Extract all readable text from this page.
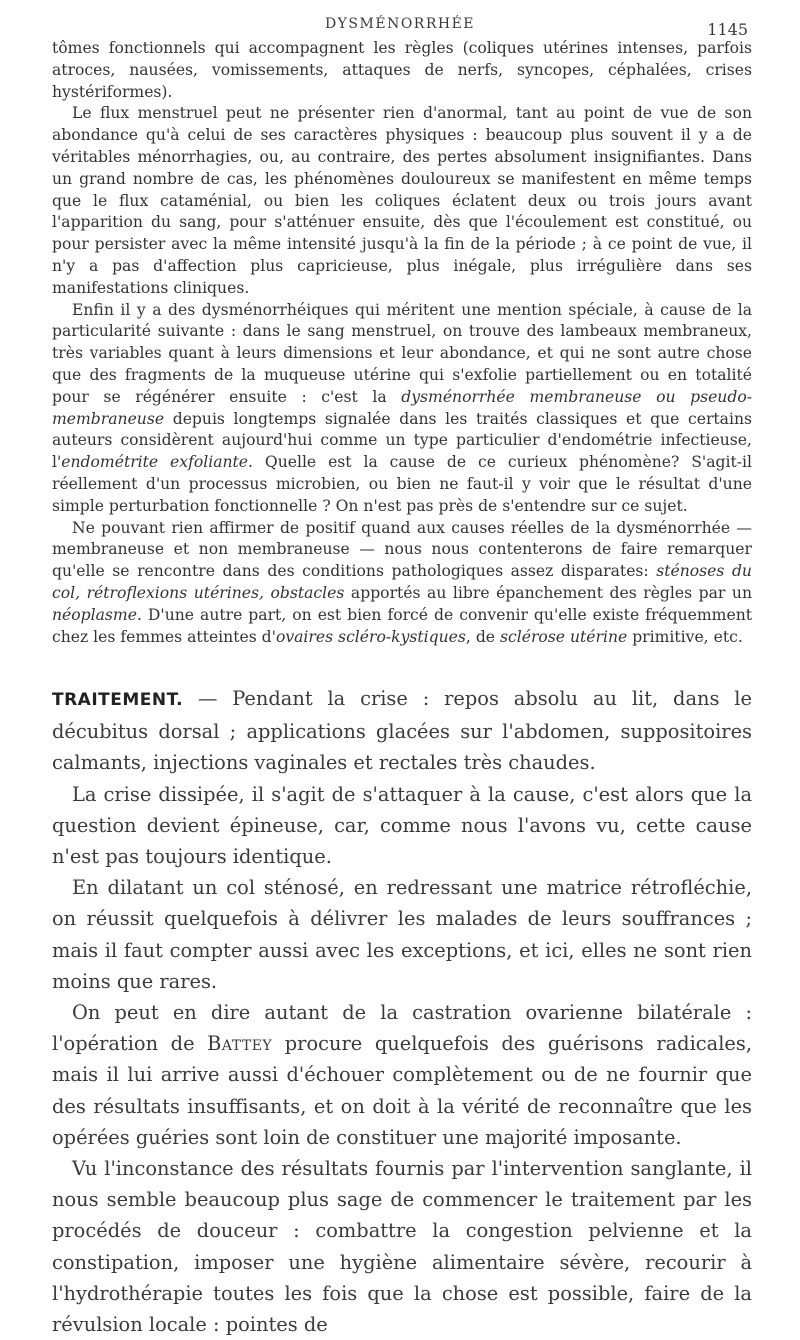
DYSMÉNORRHÉE	1145

tômes fonctionnels qui accompagnent les règles (coliques utérines intenses, parfois atroces, nausées, vomissements, attaques de nerfs, syncopes, céphalées, crises hystériformes).

Le flux menstruel peut ne présenter rien d'anormal, tant au point de vue de son abondance qu'à celui de ses caractères physiques : beaucoup plus souvent il y a de véritables ménorrhagies, ou, au contraire, des pertes absolument insignifiantes. Dans un grand nombre de cas, les phénomènes douloureux se manifestent en même temps que le flux cataménial, ou bien les coliques éclatent deux ou trois jours avant l'apparition du sang, pour s'atténuer ensuite, dès que l'écoulement est constitué, ou pour persister avec la même intensité jusqu'à la fin de la période ; à ce point de vue, il n'y a pas d'affection plus capricieuse, plus inégale, plus irrégulière dans ses manifestations cliniques.

Enfin il y a des dysménorrhéiques qui méritent une mention spéciale, à cause de la particularité suivante : dans le sang menstruel, on trouve des lambeaux membraneux, très variables quant à leurs dimensions et leur abondance, et qui ne sont autre chose que des fragments de la muqueuse utérine qui s'exfolie partiellement ou en totalité pour se régénérer ensuite : c'est la dysménorrhée membraneuse ou pseudo-membraneuse depuis longtemps signalée dans les traités classiques et que certains auteurs considèrent aujourd'hui comme un type particulier d'endométrie infectieuse, l'endométrite exfoliante. Quelle est la cause de ce curieux phénomène? S'agit-il réellement d'un processus microbien, ou bien ne faut-il y voir que le résultat d'une simple perturbation fonctionnelle ? On n'est pas près de s'entendre sur ce sujet.

Ne pouvant rien affirmer de positif quand aux causes réelles de la dysménorrhée — membraneuse et non membraneuse — nous nous contenterons de faire remarquer qu'elle se rencontre dans des conditions pathologiques assez disparates: sténoses du col, rétroflexions utérines, obstacles apportés au libre épanchement des règles par un néoplasme. D'une autre part, on est bien forcé de convenir qu'elle existe fréquemment chez les femmes atteintes d'ovaires scléro-kystiques, de sclérose utérine primitive, etc.

TRAITEMENT. — Pendant la crise : repos absolu au lit, dans le décubitus dorsal ; applications glacées sur l'abdomen, suppositoires calmants, injections vaginales et rectales très chaudes.

La crise dissipée, il s'agit de s'attaquer à la cause, c'est alors que la question devient épineuse, car, comme nous l'avons vu, cette cause n'est pas toujours identique.

En dilatant un col sténosé, en redressant une matrice rétrofléchie, on réussit quelquefois à délivrer les malades de leurs souffrances ; mais il faut compter aussi avec les exceptions, et ici, elles ne sont rien moins que rares.

On peut en dire autant de la castration ovarienne bilatérale : l'opération de Battey procure quelquefois des guérisons radicales, mais il lui arrive aussi d'échouer complètement ou de ne fournir que des résultats insuffisants, et on doit à la vérité de reconnaître que les opérées guéries sont loin de constituer une majorité imposante.

Vu l'inconstance des résultats fournis par l'intervention sanglante, il nous semble beaucoup plus sage de commencer le traitement par les procédés de douceur : combattre la congestion pelvienne et la constipation, imposer une hygiène alimentaire sévère, recourir à l'hydrothérapie toutes les fois que la chose est possible, faire de la révulsion locale : pointes de
